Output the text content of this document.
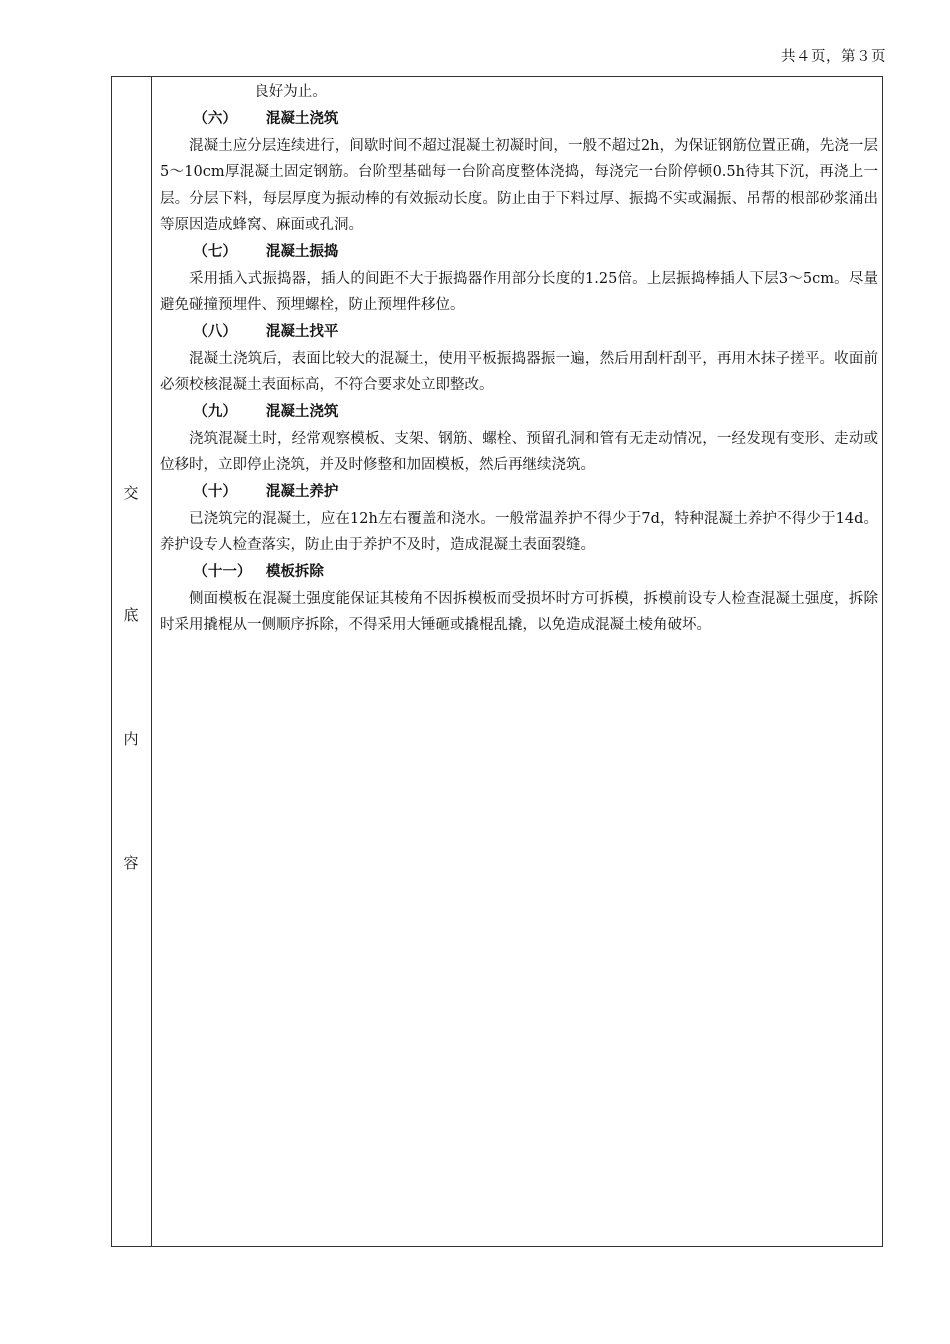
共４页，第３页
交
底
内
容

良好为止。

（六） 混凝土浇筑

混凝土应分层连续进行，间歇时间不超过混凝土初凝时间，一般不超过2h，为保证钢筋位置正确，先浇一层5～10cm厚混凝土固定钢筋。台阶型基础每一台阶高度整体浇捣，每浇完一台阶停顿0.5h待其下沉，再浇上一层。分层下料，每层厚度为振动棒的有效振动长度。防止由于下料过厚、振捣不实或漏振、吊帮的根部砂浆涌出等原因造成蜂窝、麻面或孔洞。

（七） 混凝土振捣

采用插入式振捣器，插人的间距不大于振捣器作用部分长度的1.25倍。上层振捣棒插人下层3～5cm。尽量避免碰撞预埋件、预埋螺栓，防止预埋件移位。

（八） 混凝土找平

混凝土浇筑后，表面比较大的混凝土，使用平板振捣器振一遍，然后用刮杆刮平，再用木抹子搓平。收面前必须校核混凝土表面标高，不符合要求处立即整改。

（九） 混凝土浇筑

浇筑混凝土时，经常观察模板、支架、钢筋、螺栓、预留孔洞和管有无走动情况，一经发现有变形、走动或位移时，立即停止浇筑，并及时修整和加固模板，然后再继续浇筑。

（十） 混凝土养护

已浇筑完的混凝土，应在12h左右覆盖和浇水。一般常温养护不得少于7d，特种混凝土养护不得少于14d。养护设专人检查落实，防止由于养护不及时，造成混凝土表面裂缝。

（十一） 模板拆除

侧面模板在混凝土强度能保证其棱角不因拆模板而受损坏时方可拆模，拆模前设专人检查混凝土强度，拆除时采用撬棍从一侧顺序拆除，不得采用大锤砸或撬棍乱撬，以免造成混凝土棱角破坏。
